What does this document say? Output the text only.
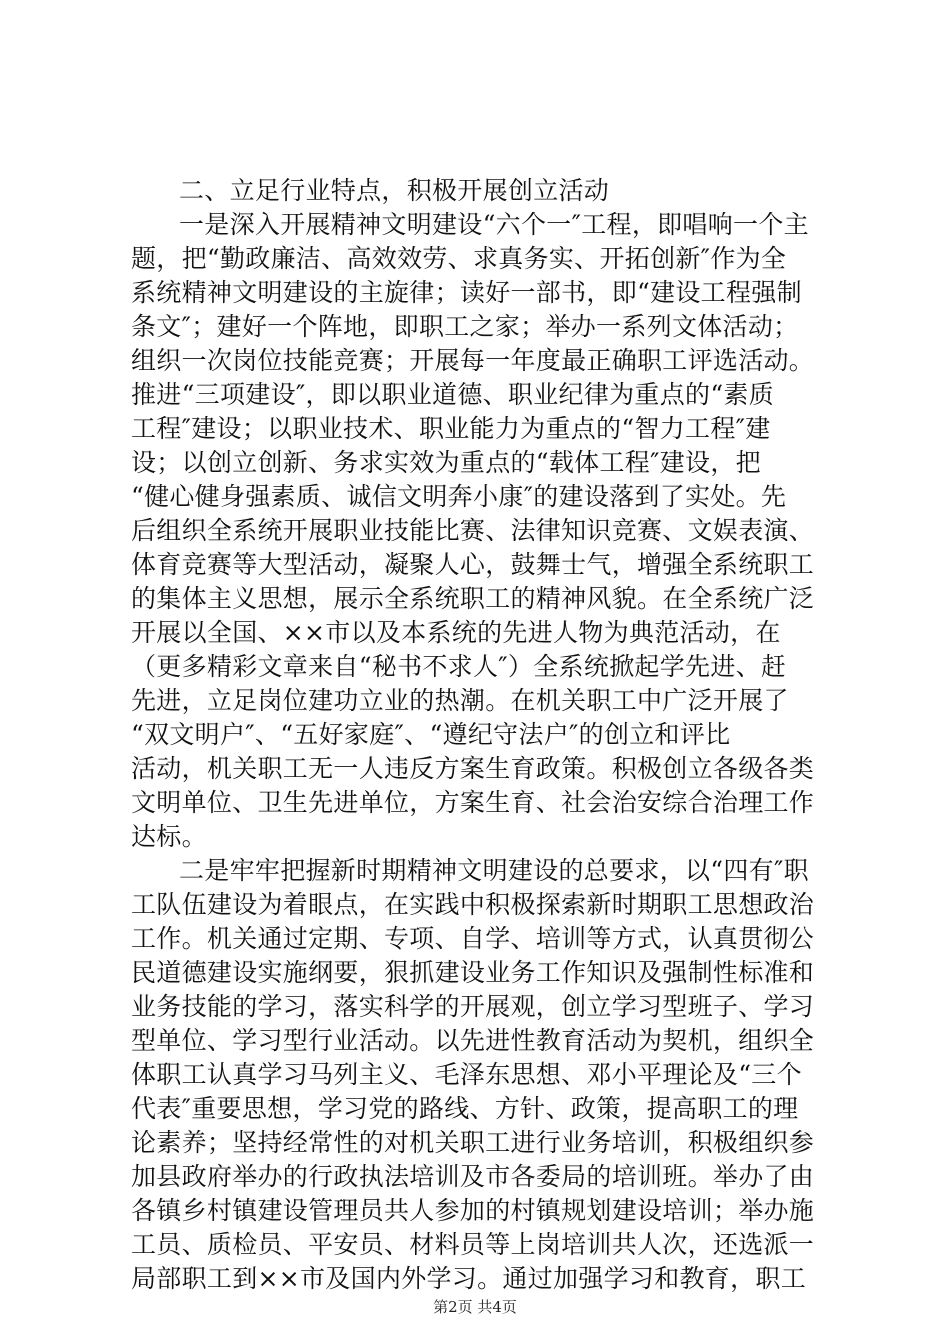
二、立足行业特点，积极开展创立活动
一是深入开展精神文明建设“六个一″工程，即唱响一个主
题，把“勤政廉洁、高效效劳、求真务实、开拓创新″作为全
系统精神文明建设的主旋律；读好一部书，即“建设工程强制
条文″；建好一个阵地，即职工之家；举办一系列文体活动；
组织一次岗位技能竞赛；开展每一年度最正确职工评选活动。
推进“三项建设″，即以职业道德、职业纪律为重点的“素质
工程″建设；以职业技术、职业能力为重点的“智力工程″建
设；以创立创新、务求实效为重点的“载体工程″建设，把
“健心健身强素质、诚信文明奔小康″的建设落到了实处。先
后组织全系统开展职业技能比赛、法律知识竞赛、文娱表演、
体育竞赛等大型活动，凝聚人心，鼓舞士气，增强全系统职工
的集体主义思想，展示全系统职工的精神风貌。在全系统广泛
开展以全国、××市以及本系统的先进人物为典范活动，在
（更多精彩文章来自“秘书不求人″）全系统掀起学先进、赶
先进，立足岗位建功立业的热潮。在机关职工中广泛开展了
“双文明户″、“五好家庭″、“遵纪守法户″的创立和评比
活动，机关职工无一人违反方案生育政策。积极创立各级各类
文明单位、卫生先进单位，方案生育、社会治安综合治理工作
达标。
二是牢牢把握新时期精神文明建设的总要求，以“四有″职
工队伍建设为着眼点，在实践中积极探索新时期职工思想政治
工作。机关通过定期、专项、自学、培训等方式，认真贯彻公
民道德建设实施纲要，狠抓建设业务工作知识及强制性标准和
业务技能的学习，落实科学的开展观，创立学习型班子、学习
型单位、学习型行业活动。以先进性教育活动为契机，组织全
体职工认真学习马列主义、毛泽东思想、邓小平理论及“三个
代表″重要思想，学习党的路线、方针、政策，提高职工的理
论素养；坚持经常性的对机关职工进行业务培训，积极组织参
加县政府举办的行政执法培训及市各委局的培训班。举办了由
各镇乡村镇建设管理员共人参加的村镇规划建设培训；举办施
工员、质检员、平安员、材料员等上岗培训共人次，还选派一
局部职工到××市及国内外学习。通过加强学习和教育，职工
第2页 共4页
